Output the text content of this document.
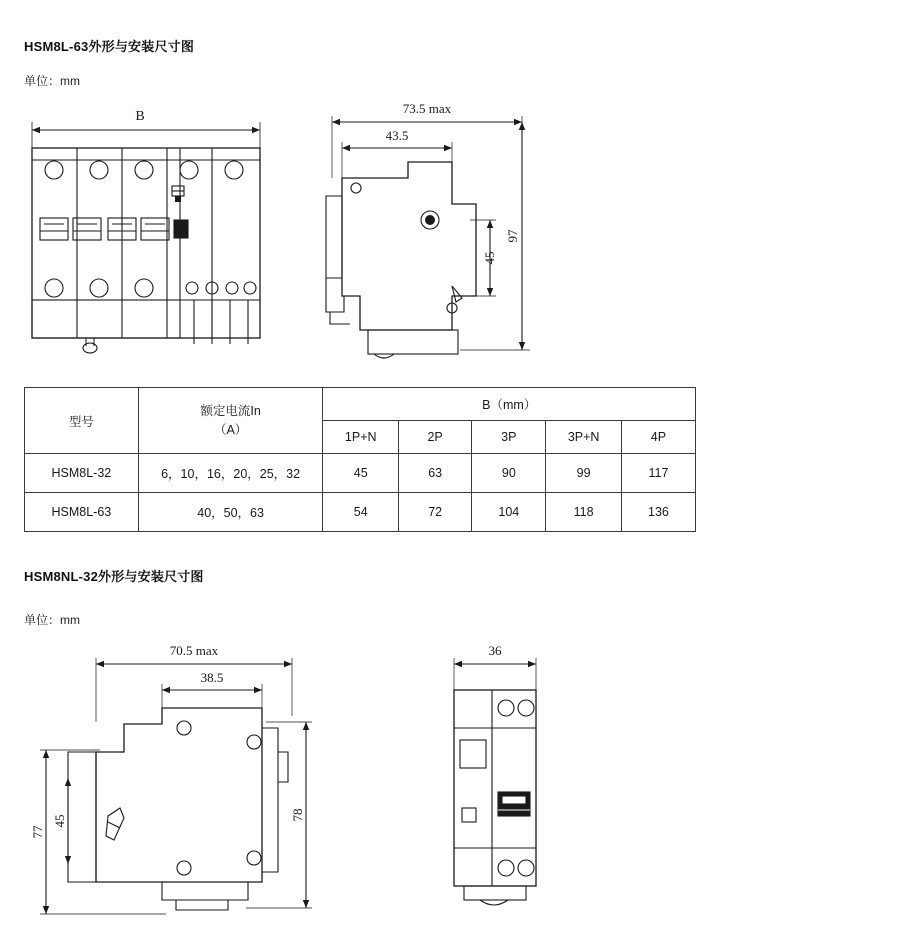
HSM8L-63外形与安装尺寸图
单位：mm
B
73.5 max
43.5
45
97
型号	额定电流In
（A）	B（mm）				
		1P+N	2P	3P	3P+N	4P
HSM8L-32	6，10，16，20，25，32	45	63	90	99	117
HSM8L-63	40，50，63	54	72	104	118	136
HSM8NL-32外形与安装尺寸图
单位：mm
70.5 max
38.5
77
45	78
36
